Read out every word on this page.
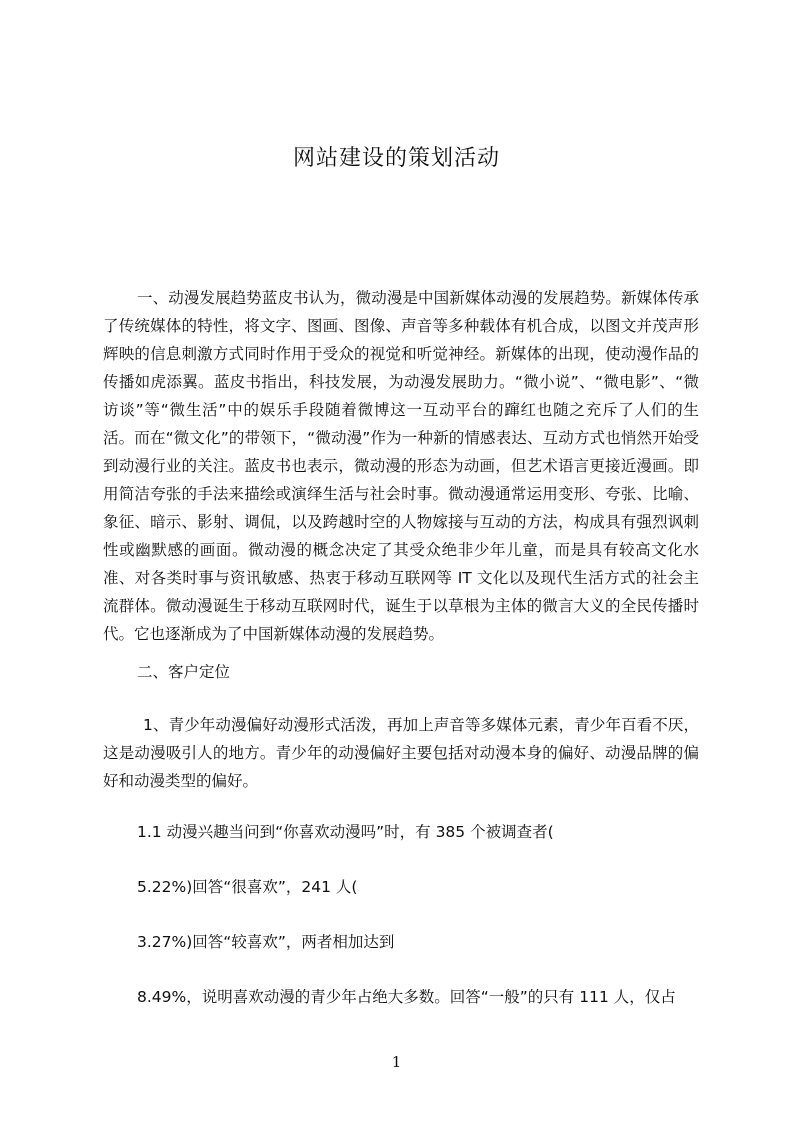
网站建设的策划活动

一、动漫发展趋势蓝皮书认为，微动漫是中国新媒体动漫的发展趋势。新媒体传承了传统媒体的特性，将文字、图画、图像、声音等多种载体有机合成，以图文并茂声形辉映的信息刺激方式同时作用于受众的视觉和听觉神经。新媒体的出现，使动漫作品的传播如虎添翼。蓝皮书指出，科技发展，为动漫发展助力。“微小说”、“微电影”、“微访谈”等“微生活”中的娱乐手段随着微博这一互动平台的蹿红也随之充斥了人们的生活。而在“微文化”的带领下，“微动漫”作为一种新的情感表达、互动方式也悄然开始受到动漫行业的关注。蓝皮书也表示，微动漫的形态为动画，但艺术语言更接近漫画。即用简洁夸张的手法来描绘或演绎生活与社会时事。微动漫通常运用变形、夸张、比喻、象征、暗示、影射、调侃，以及跨越时空的人物嫁接与互动的方法，构成具有强烈讽刺性或幽默感的画面。微动漫的概念决定了其受众绝非少年儿童，而是具有较高文化水准、对各类时事与资讯敏感、热衷于移动互联网等 IT 文化以及现代生活方式的社会主流群体。微动漫诞生于移动互联网时代，诞生于以草根为主体的微言大义的全民传播时代。它也逐渐成为了中国新媒体动漫的发展趋势。

二、客户定位

1、青少年动漫偏好动漫形式活泼，再加上声音等多媒体元素，青少年百看不厌，这是动漫吸引人的地方。青少年的动漫偏好主要包括对动漫本身的偏好、动漫品牌的偏好和动漫类型的偏好。

1.1 动漫兴趣当问到“你喜欢动漫吗”时，有 385 个被调查者(

5.22%)回答“很喜欢”，241 人(

3.27%)回答“较喜欢”，两者相加达到

8.49%，说明喜欢动漫的青少年占绝大多数。回答“一般”的只有 111 人，仅占

1
